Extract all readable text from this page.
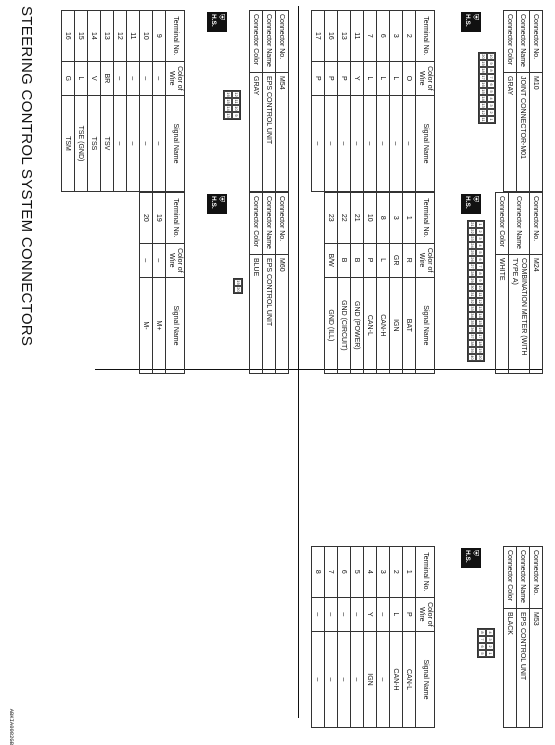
STEERING CONTROL SYSTEM CONNECTORS
ABKIA0082GB
Connector No.	M10
Connector Name	JOINT CONNECTOR-M01
Connector Color	GRAY
⛨
H.S.
10
9
8
7
6
5
4
3
2
1
20
19
18
17
16
15
14
13
12
11
Terminal No.	Color of Wire	Signal Name
2	O	–
3	L	–
6	L	–
7	L	–
11	Y	–
13	P	–
16	P	–
17	P	–
Connector No.	M24
Connector Name	COMBINATION METER (WITH TYPE A)
Connector Color	WHITE
⛨
H.S.
1
2
3
4
5
6
7
8
9
10
11
12
13
14
15
16
17
18
19
20
21
22
23
24
25
26
27
28
29
30
31
32
33
34
35
36
37
38
39
40
Terminal No.	Color of Wire	Signal Name
1	R	BAT
3	GR	IGN
8	L	CAN-H
10	P	CAN-L
21	B	GND (POWER)
22	B	GND (CIRCUIT)
23	B/W	GND (ILL)
Connector No.	M53
Connector Name	EPS CONTROL UNIT
Connector Color	BLACK
⛨
H.S.
4
3
2
1
8
7
6
5
Terminal No.	Color of Wire	Signal Name
1	P	CAN-L
2	L	CAN-H
3	–	–
4	Y	IGN
5	–	–
6	–	–
7	–	–
8	–	–
Connector No.	M54
Connector Name	EPS CONTROL UNIT
Connector Color	GRAY
⛨
H.S.
12
11
10
9
16
15
14
13
Terminal No.	Color of Wire	Signal Name
9	–	–
10	–	–
11	–	–
12	–	–
13	BR	TSV
14	V	TSS
15	L	TSE (GND)
16	G	TSM
Connector No.	M60
Connector Name	EPS CONTROL UNIT
Connector Color	BLUE
⛨
H.S.
19
20
Terminal No.	Color of Wire	Signal Name
19	–	M+
20	–	M-
